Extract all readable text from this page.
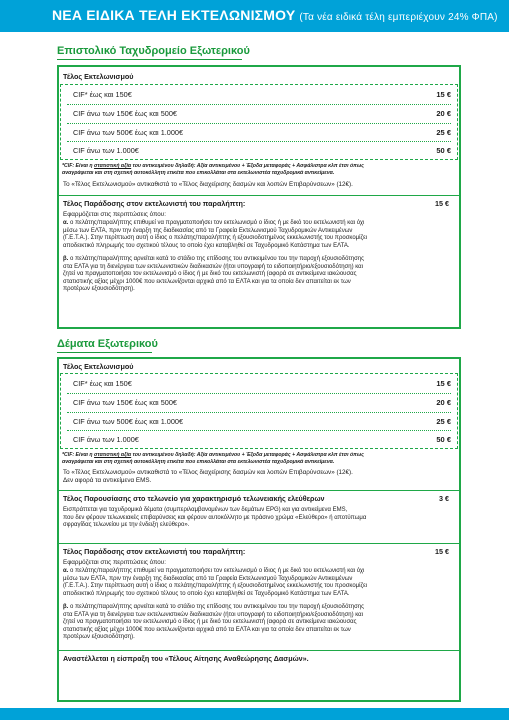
ΝΕΑ ΕΙΔΙΚΑ ΤΕΛΗ ΕΚΤΕΛΩΝΙΣΜΟΥ (Τα νέα ειδικά τέλη εμπεριέχουν 24% ΦΠΑ)
Επιστολικό Ταχυδρομείο Εξωτερικού
Τέλος Εκτελωνισμού
CIF* έως και 150€	15 €
CIF άνω των 150€ έως και 500€	20 €
CIF άνω των 500€ έως και 1.000€	25 €
CIF άνω των 1.000€	50 €
*CIF: Είναι η στατιστική αξία του αντικειμένου δηλαδή: Αξία αντικειμένου + Έξοδα μεταφοράς + Ασφάλιστρα κλπ έτσι όπως
αναγράφεται και στη σχετική αυτοκόλλητη ετικέτα που επικολλάται στα εκτελωνιστέα ταχυδρομικά αντικείμενα.
Το «Τέλος Εκτελωνισμού» αντικαθιστά το «Τέλος διαχείρισης δασμών και λοιπών Επιβαρύνσεων» (12€).
Τέλος Παράδοσης στον εκτελωνιστή του παραλήπτη:	15 €
Εφαρμόζεται στις περιπτώσεις όπου:
α. ο πελάτης/παραλήπτης επιθυμεί να πραγματοποιήσει τον εκτελωνισμό ο ίδιος ή με δικό του εκτελωνιστή και όχι
μέσω των ΕΛΤΑ, πριν την έναρξη της διαδικασίας από τα Γραφεία Εκτελωνισμού Ταχυδρομικών Αντικειμένων
(Γ.Ε.Τ.Α.). Στην περίπτωση αυτή ο ίδιος ο πελάτης/παραλήπτης ή εξουσιοδοτημένος εκκελωνιστής του προσκομίζει
αποδεικτικό πληρωμής του σχετικού τέλους το οποίο έχει καταβληθεί σε Ταχυδρομικό Κατάστημα των ΕΛΤΑ.
β. ο πελάτης/παραλήπτης αρνείται κατά το στάδιο της επίδοσης του αντικειμένου του την παροχή εξουσιοδότησης
στα ΕΛΤΑ για τη διενέργεια των εκτελωνιστικών διαδικασιών (ήτοι υπογραφή το ειδοποιητήριο/εξουσιοδότηση) και
ζητεί να πραγματοποιήσει τον εκτελωνισμό ο ίδιος ή με δικό του εκτελωνιστή (αφορά σε αντικείμενα ιακώουσας
στατιστικής αξίας μέχρι 1000€ που εκτελωνίζονται αρχικά από τα ΕΛΤΑ και για τα οποία δεν απαιτείται εκ των
προτέρων εξουσιοδότηση).
Δέματα Εξωτερικού
Τέλος Εκτελωνισμού
CIF* έως και 150€	15 €
CIF άνω των 150€ έως και 500€	20 €
CIF άνω των 500€ έως και 1.000€	25 €
CIF άνω των 1.000€	50 €
*CIF: Είναι η στατιστική αξία του αντικειμένου δηλαδή: Αξία αντικειμένου + Έξοδα μεταφοράς + Ασφάλιστρα κλπ έτσι όπως
αναγράφεται και στη σχετική αυτοκόλλητη ετικέτα που επικολλάται στα εκτελωνιστέα ταχυδρομικά αντικείμενα.
Το «Τέλος Εκτελωνισμού» αντικαθιστά το «Τέλος διαχείρισης δασμών και λοιπών Επιβαρύνσεων» (12€).
Δεν αφορά τα αντικείμενα EMS.
Τέλος Παρουσίασης στο τελωνείο για χαρακτηρισμό τελωνειακής ελεύθερων	3 €
Εισπράττεται για ταχυδρομικά δέματα (συμπεριλαμβανομένων των δεμάτων EPG) και για αντικείμενα EMS,
που δεν φέρουν τελωνειακές επιβαρύνσεις και φέρουν αυτοκόλλητο με πράσινο χρώμα «Ελεύθερο» ή αποτύπωμα
σφραγίδας τελωνείου με την ένδειξη ελεύθερο».
Τέλος Παράδοσης στον εκτελωνιστή του παραλήπτη:	15 €
Εφαρμόζεται στις περιπτώσεις όπου:
α. ο πελάτης/παραλήπτης επιθυμεί να πραγματοποιήσει τον εκτελωνισμό ο ίδιος ή με δικό του εκτελωνιστή και όχι
μέσω των ΕΛΤΑ, πριν την έναρξη της διαδικασίας από τα Γραφεία Εκτελωνισμού Ταχυδρομικών Αντικειμένων
(Γ.Ε.Τ.Α.). Στην περίπτωση αυτή ο ίδιος ο πελάτης/παραλήπτης ή εξουσιοδοτημένος εκκελωνιστής του προσκομίζει
αποδεικτικό πληρωμής του σχετικού τέλους το οποίο έχει καταβληθεί σε Ταχυδρομικό Κατάστημα των ΕΛΤΑ.
β. ο πελάτης/παραλήπτης αρνείται κατά το στάδιο της επίδοσης του αντικειμένου του την παροχή εξουσιοδότησης
στα ΕΛΤΑ για τη διενέργεια των εκτελωνιστικών διαδικασιών (ήτοι υπογραφή το ειδοποιητήριο/εξουσιοδότηση) και
ζητεί να πραγματοποιήσει τον εκτελωνισμό ο ίδιος ή με δικό του εκτελωνιστή (αφορά σε αντικείμενα ιακώουσας
στατιστικής αξίας μέχρι 1000€ που εκτελωνίζονται αρχικά από τα ΕΛΤΑ και για τα οποία δεν απαιτείται εκ των
προτέρων εξουσιοδότηση).
Αναστέλλεται η είσπραξη του «Τέλους Αίτησης Αναθεώρησης Δασμών».
